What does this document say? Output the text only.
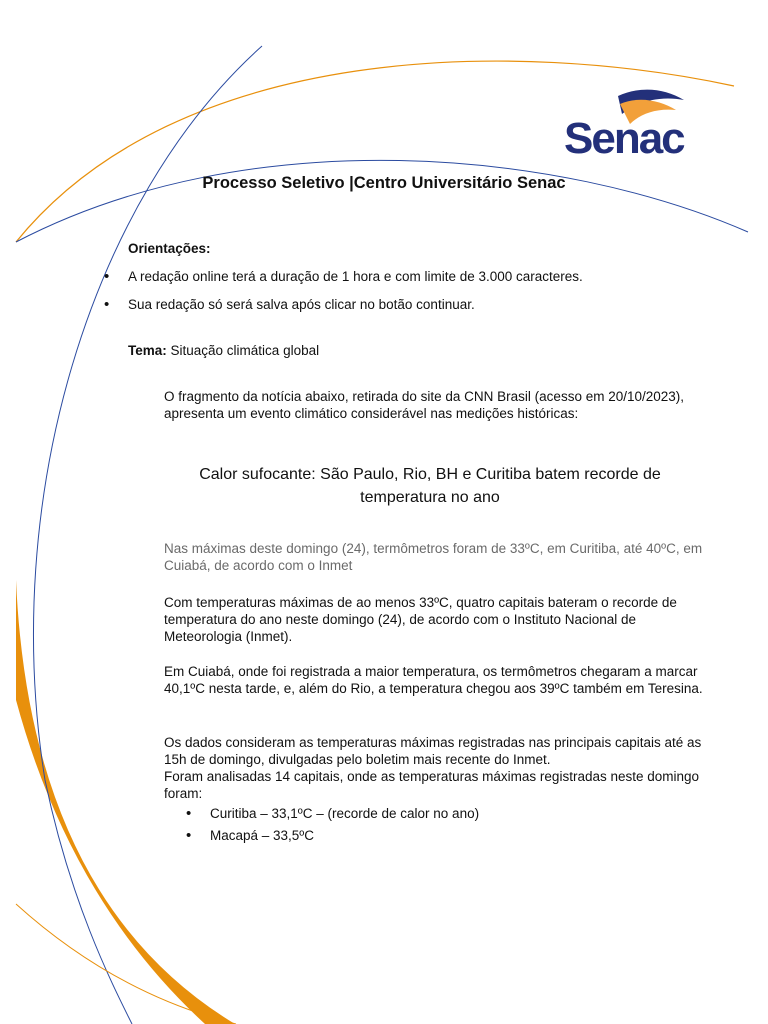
Senac
Processo Seletivo |Centro Universitário Senac
Orientações:
• A redação online terá a duração de 1 hora e com limite de 3.000 caracteres.
• Sua redação só será salva após clicar no botão continuar.
Tema: Situação climática global
O fragmento da notícia abaixo, retirada do site da CNN Brasil (acesso em 20/10/2023), apresenta um evento climático considerável nas medições históricas:
Calor sufocante: São Paulo, Rio, BH e Curitiba batem recorde de temperatura no ano
Nas máximas deste domingo (24), termômetros foram de 33ºC, em Curitiba, até 40ºC, em Cuiabá, de acordo com o Inmet
Com temperaturas máximas de ao menos 33ºC, quatro capitais bateram o recorde de temperatura do ano neste domingo (24), de acordo com o Instituto Nacional de Meteorologia (Inmet).
Em Cuiabá, onde foi registrada a maior temperatura, os termômetros chegaram a marcar 40,1ºC nesta tarde, e, além do Rio, a temperatura chegou aos 39ºC também em Teresina.
Os dados consideram as temperaturas máximas registradas nas principais capitais até as 15h de domingo, divulgadas pelo boletim mais recente do Inmet.
Foram analisadas 14 capitais, onde as temperaturas máximas registradas neste domingo foram:
• Curitiba – 33,1ºC – (recorde de calor no ano)
• Macapá – 33,5ºC
